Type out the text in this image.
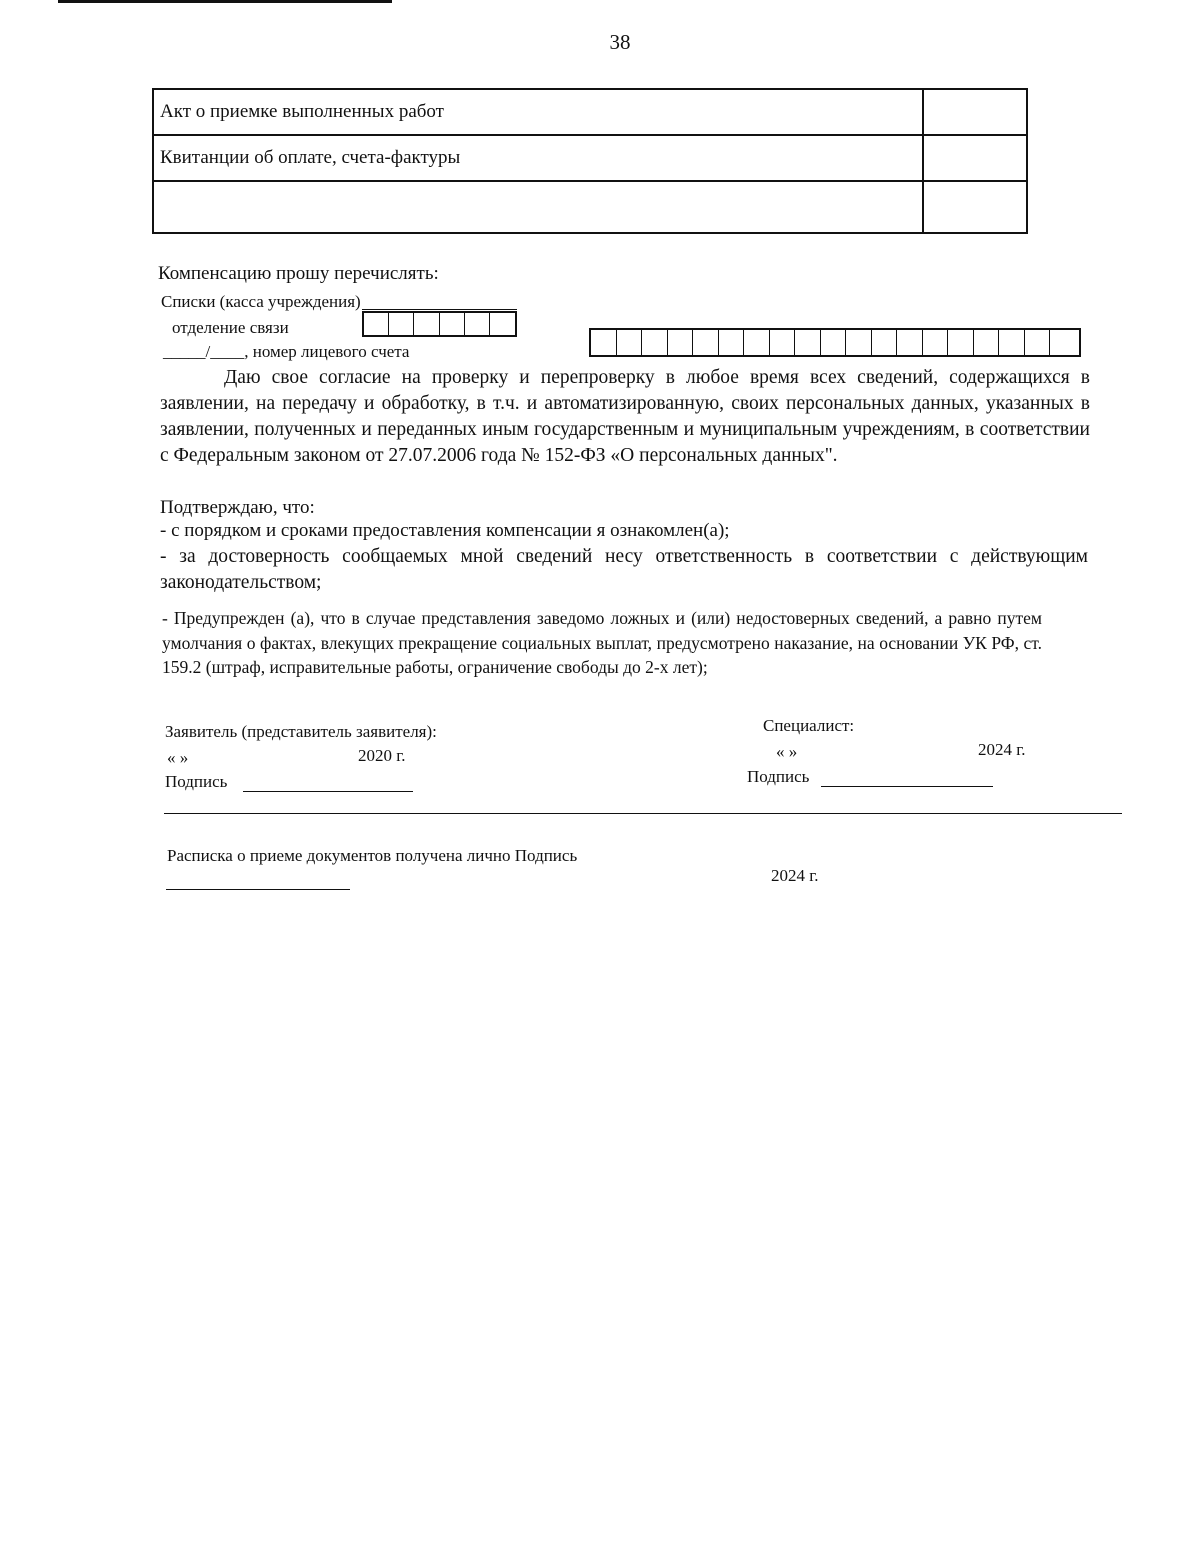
38
Акт о приемке выполненных работ	
Квитанции об оплате, счета-фактуры	

Компенсацию прошу перечислять:
Списки (касса учреждения)
отделение связи
_____/____, номер лицевого счета
Даю свое согласие на проверку и перепроверку в любое время всех сведений, содержащихся в заявлении, на передачу и обработку, в т.ч. и автоматизированную, своих персональных данных, указанных в заявлении, полученных и переданных иным государственным и муниципальным учреждениям, в соответствии с Федеральным законом от 27.07.2006 года № 152-ФЗ «О персональных данных".
Подтверждаю, что:
- с порядком и сроками предоставления компенсации я ознакомлен(а);
- за достоверность сообщаемых мной сведений несу ответственность в соответствии с действующим законодательством;
- Предупрежден (а), что в случае представления заведомо ложных и (или) недостоверных сведений, а равно путем умолчания о фактах, влекущих прекращение социальных выплат, предусмотрено наказание, на основании УК РФ, ст. 159.2 (штраф, исправительные работы, ограничение свободы до 2-х лет);
Заявитель (представитель заявителя):
« »	2020 г.
Подпись
Специалист:
« »	2024 г.
Подпись
Расписка о приеме документов получена лично Подпись
2024 г.
